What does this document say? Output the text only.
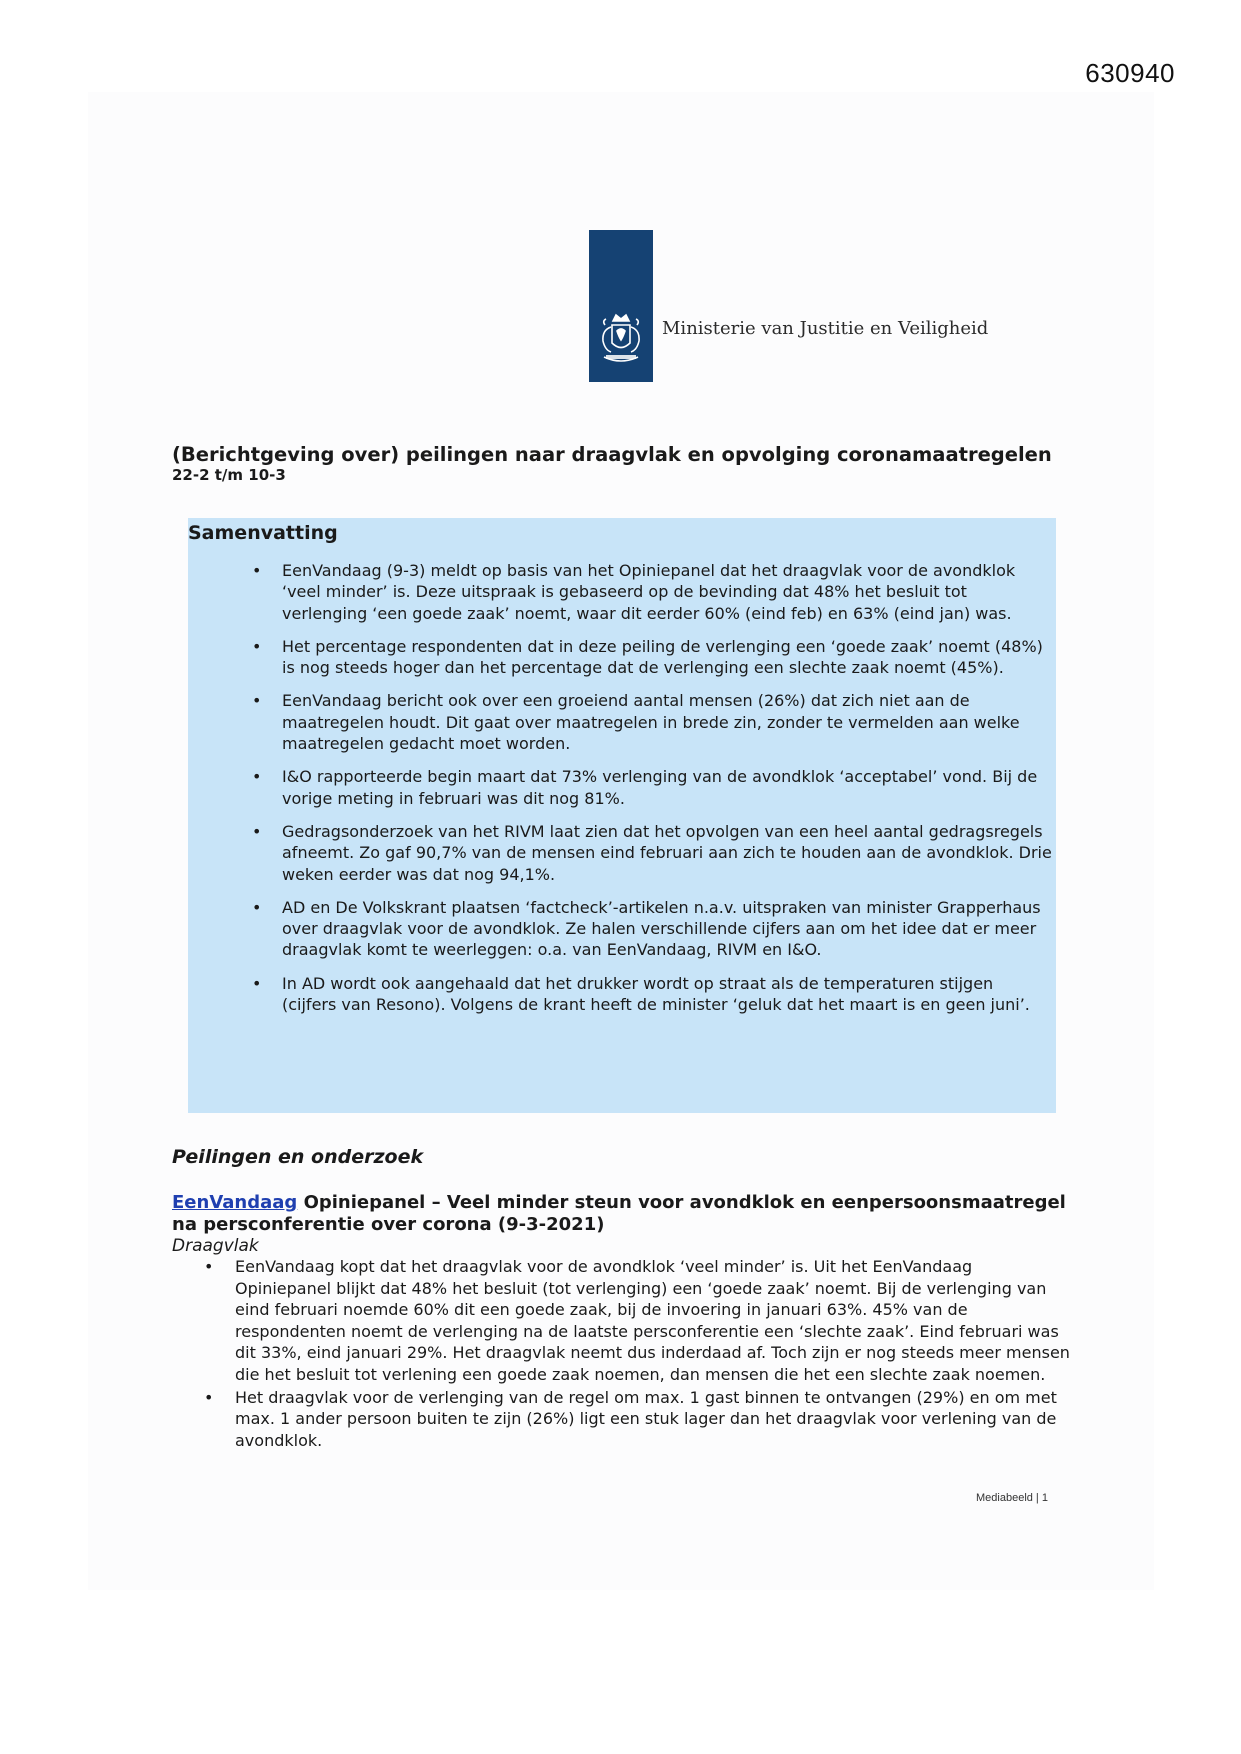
630940
Ministerie van Justitie en Veiligheid
(Berichtgeving over) peilingen naar draagvlak en opvolging coronamaatregelen
22-2 t/m 10-3
Samenvatting
• EenVandaag (9-3) meldt op basis van het Opiniepanel dat het draagvlak voor de avondklok ‘veel minder’ is. Deze uitspraak is gebaseerd op de bevinding dat 48% het besluit tot verlenging ‘een goede zaak’ noemt, waar dit eerder 60% (eind feb) en 63% (eind jan) was.
• Het percentage respondenten dat in deze peiling de verlenging een ‘goede zaak’ noemt (48%) is nog steeds hoger dan het percentage dat de verlenging een slechte zaak noemt (45%).
• EenVandaag bericht ook over een groeiend aantal mensen (26%) dat zich niet aan de maatregelen houdt. Dit gaat over maatregelen in brede zin, zonder te vermelden aan welke maatregelen gedacht moet worden.
• I&O rapporteerde begin maart dat 73% verlenging van de avondklok ‘acceptabel’ vond. Bij de vorige meting in februari was dit nog 81%.
• Gedragsonderzoek van het RIVM laat zien dat het opvolgen van een heel aantal gedragsregels afneemt. Zo gaf 90,7% van de mensen eind februari aan zich te houden aan de avondklok. Drie weken eerder was dat nog 94,1%.
• AD en De Volkskrant plaatsen ‘factcheck’-artikelen n.a.v. uitspraken van minister Grapperhaus over draagvlak voor de avondklok. Ze halen verschillende cijfers aan om het idee dat er meer draagvlak komt te weerleggen: o.a. van EenVandaag, RIVM en I&O.
• In AD wordt ook aangehaald dat het drukker wordt op straat als de temperaturen stijgen (cijfers van Resono). Volgens de krant heeft de minister ‘geluk dat het maart is en geen juni’.
Peilingen en onderzoek
EenVandaag Opiniepanel – Veel minder steun voor avondklok en eenpersoonsmaatregel na persconferentie over corona (9-3-2021)
Draagvlak
• EenVandaag kopt dat het draagvlak voor de avondklok ‘veel minder’ is. Uit het EenVandaag Opiniepanel blijkt dat 48% het besluit (tot verlenging) een ‘goede zaak’ noemt. Bij de verlenging van eind februari noemde 60% dit een goede zaak, bij de invoering in januari 63%. 45% van de respondenten noemt de verlenging na de laatste persconferentie een ‘slechte zaak’. Eind februari was dit 33%, eind januari 29%. Het draagvlak neemt dus inderdaad af. Toch zijn er nog steeds meer mensen die het besluit tot verlening een goede zaak noemen, dan mensen die het een slechte zaak noemen.
• Het draagvlak voor de verlenging van de regel om max. 1 gast binnen te ontvangen (29%) en om met max. 1 ander persoon buiten te zijn (26%) ligt een stuk lager dan het draagvlak voor verlening van de avondklok.
Mediabeeld | 1
